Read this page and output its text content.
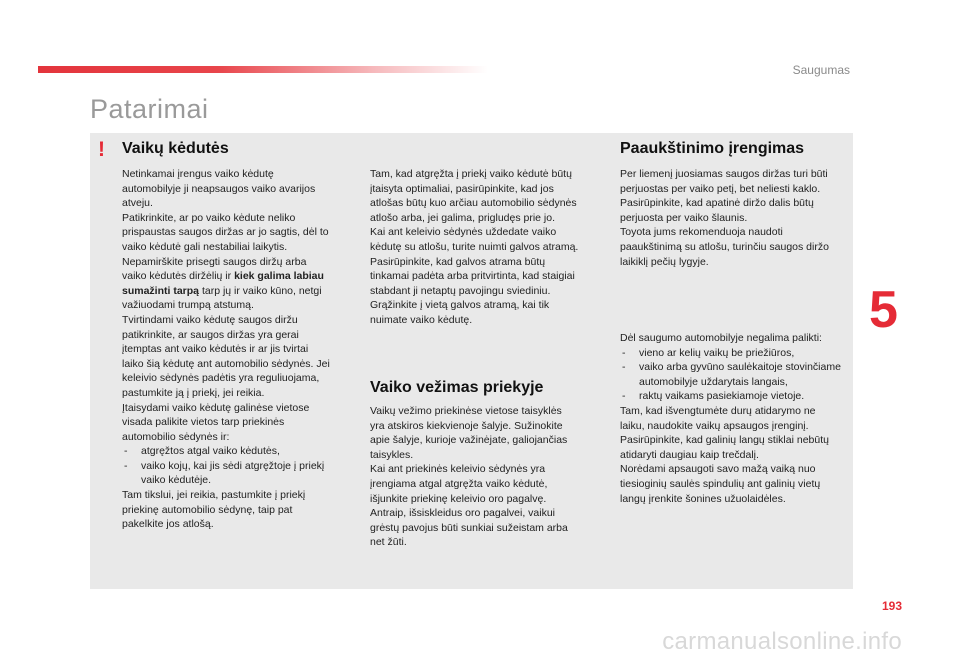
Saugumas
Patarimai
!	Vaikų kėdutės	Paaukštinimo įrengimas
Vaiko vežimas priekyje

Netinkamai įrengus vaiko kėdutę

automobilyje ji neapsaugos vaiko avarijos

atveju.

Patikrinkite, ar po vaiko kėdute neliko

prispaustas saugos diržas ar jo sagtis, dėl to

vaiko kėdutė gali nestabiliai laikytis.

Nepamirškite prisegti saugos diržų arba

vaiko kėdutės diržėlių ir kiek galima labiau

sumažinti tarpą tarp jų ir vaiko kūno, netgi

važiuodami trumpą atstumą.

Tvirtindami vaiko kėdutę saugos diržu

patikrinkite, ar saugos diržas yra gerai

įtemptas ant vaiko kėdutės ir ar jis tvirtai

laiko šią kėdutę ant automobilio sėdynės. Jei

keleivio sėdynės padėtis yra reguliuojama,

pastumkite ją į priekį, jei reikia.

Įtaisydami vaiko kėdutę galinėse vietose

visada palikite vietos tarp priekinės

automobilio sėdynės ir:

-	atgręžtos atgal vaiko kėdutės,
-	vaiko kojų, kai jis sėdi atgręžtoje į priekį vaiko kėdutėje.

Tam tikslui, jei reikia, pastumkite į priekį

priekinę automobilio sėdynę, taip pat

pakelkite jos atlošą.

Tam, kad atgręžta į priekį vaiko kėdutė būtų

įtaisyta optimaliai, pasirūpinkite, kad jos

atlošas būtų kuo arčiau automobilio sėdynės

atlošo arba, jei galima, prigludęs prie jo.

Kai ant keleivio sėdynės uždedate vaiko

kėdutę su atlošu, turite nuimti galvos atramą.

Pasirūpinkite, kad galvos atrama būtų

tinkamai padėta arba pritvirtinta, kad staigiai

stabdant ji netaptų pavojingu sviediniu.

Grąžinkite į vietą galvos atramą, kai tik

nuimate vaiko kėdutę.

Vaikų vežimo priekinėse vietose taisyklės

yra atskiros kiekvienoje šalyje. Sužinokite

apie šalyje, kurioje važinėjate, galiojančias

taisykles.

Kai ant priekinės keleivio sėdynės yra

įrengiama atgal atgręžta vaiko kėdutė,

išjunkite priekinę keleivio oro pagalvę.

Antraip, išsiskleidus oro pagalvei, vaikui

grėstų pavojus būti sunkiai sužeistam arba

net žūti.

Per liemenį juosiamas saugos diržas turi būti

perjuostas per vaiko petį, bet neliesti kaklo.

Pasirūpinkite, kad apatinė diržo dalis būtų

perjuosta per vaiko šlaunis.

Toyota jums rekomenduoja naudoti

paaukštinimą su atlošu, turinčiu saugos diržo

laikiklį pečių lygyje.

Dėl saugumo automobilyje negalima palikti:

-	vieno ar kelių vaikų be priežiūros,
-	vaiko arba gyvūno saulėkaitoje stovinčiame automobilyje uždarytais langais,
-	raktų vaikams pasiekiamoje vietoje.

Tam, kad išvengtumėte durų atidarymo ne

laiku, naudokite vaikų apsaugos įrenginį.

Pasirūpinkite, kad galinių langų stiklai nebūtų

atidaryti daugiau kaip trečdalį.

Norėdami apsaugoti savo mažą vaiką nuo

tiesioginių saulės spindulių ant galinių vietų

langų įrenkite šonines užuolaidėles.

5
193
carmanualsonline.info
